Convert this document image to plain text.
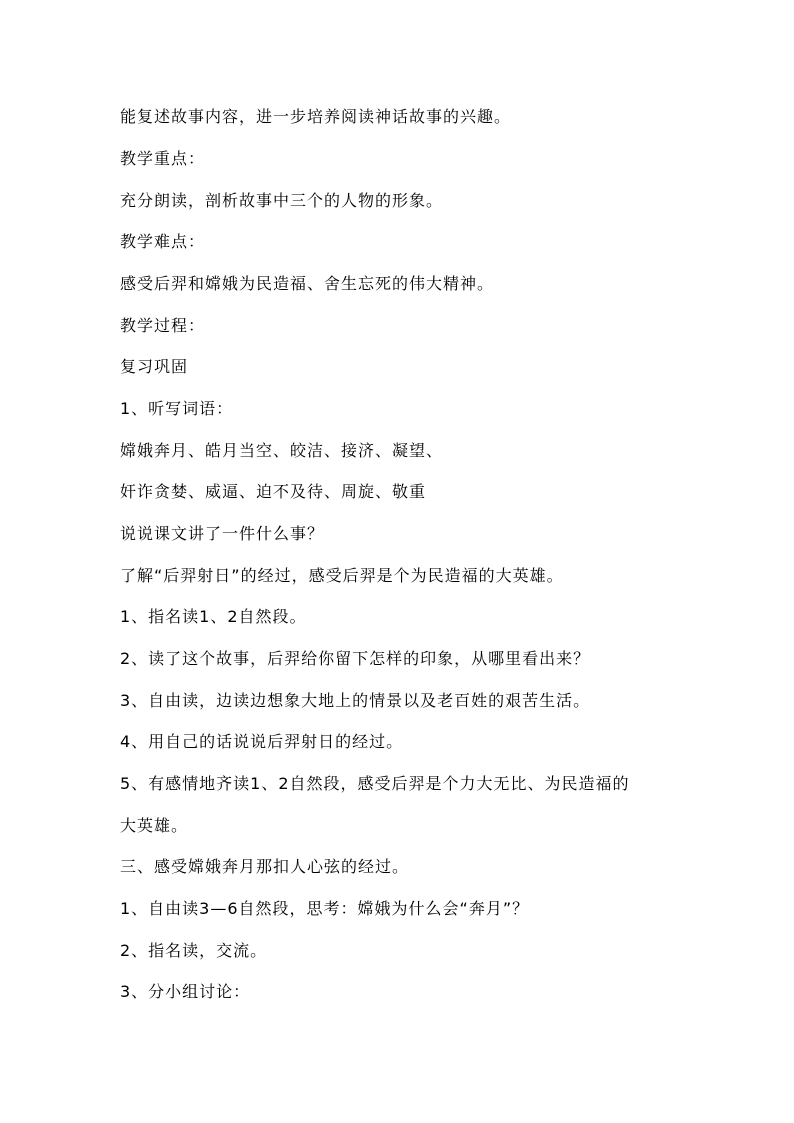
能复述故事内容，进一步培养阅读神话故事的兴趣。
教学重点：
充分朗读，剖析故事中三个的人物的形象。
教学难点：
感受后羿和嫦娥为民造福、舍生忘死的伟大精神。
教学过程：
复习巩固
1、听写词语：
嫦娥奔月、皓月当空、皎洁、接济、凝望、
奸诈贪婪、威逼、迫不及待、周旋、敬重
说说课文讲了一件什么事？
了解“后羿射日”的经过，感受后羿是个为民造福的大英雄。
1、指名读1、2自然段。
2、读了这个故事，后羿给你留下怎样的印象，从哪里看出来？
3、自由读，边读边想象大地上的情景以及老百姓的艰苦生活。
4、用自己的话说说后羿射日的经过。
5、有感情地齐读1、2自然段，感受后羿是个力大无比、为民造福的
大英雄。
三、感受嫦娥奔月那扣人心弦的经过。
1、自由读3—6自然段，思考：嫦娥为什么会“奔月”？
2、指名读，交流。
3、分小组讨论：
